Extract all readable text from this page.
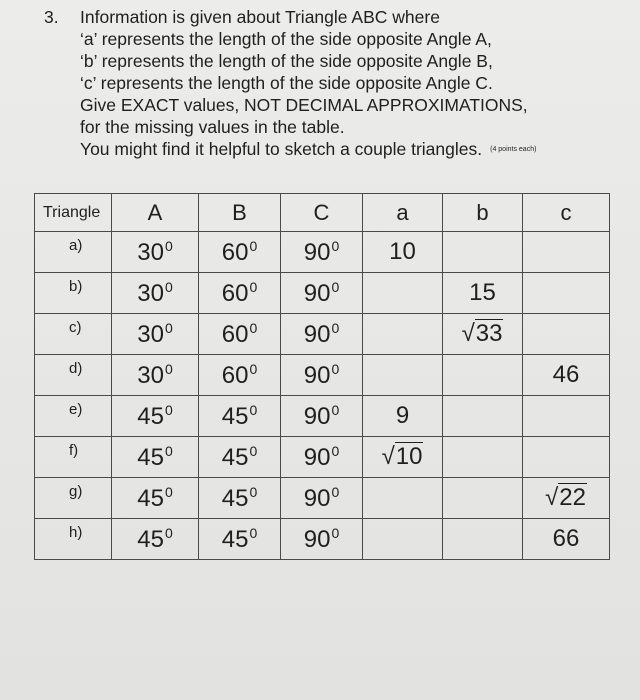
3. Information is given about Triangle ABC where
‘a’ represents the length of the side opposite Angle A,
‘b’ represents the length of the side opposite Angle B,
‘c’ represents the length of the side opposite Angle C.
Give EXACT values, NOT DECIMAL APPROXIMATIONS,
for the missing values in the table.
You might find it helpful to sketch a couple triangles. (4 points each)
Triangle	A	B	C	a	b	c
a)	$30^0$	$60^0$	$90^0$	10		
b)	$30^0$	$60^0$	$90^0$		15	
c)	$30^0$	$60^0$	$90^0$		√33	
d)	$30^0$	$60^0$	$90^0$			46
e)	$45^0$	$45^0$	$90^0$	9		
f)	$45^0$	$45^0$	$90^0$	√10		
g)	$45^0$	$45^0$	$90^0$			√22
h)	$45^0$	$45^0$	$90^0$			66
